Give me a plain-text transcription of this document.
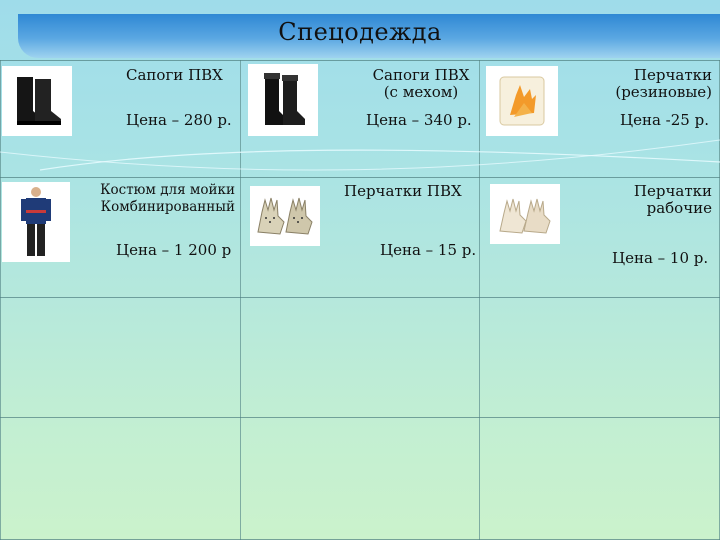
Спецодежда
Сапоги ПВХ
Цена – 280 р.
Сапоги ПВХ
(с мехом)
Цена – 340 р.
Перчатки
(резиновые)
Цена -25 р.
Костюм для мойки
Комбинированный
Цена – 1 200 р
Перчатки ПВХ
Цена – 15 р.
Перчатки
рабочие
Цена – 10 р.
